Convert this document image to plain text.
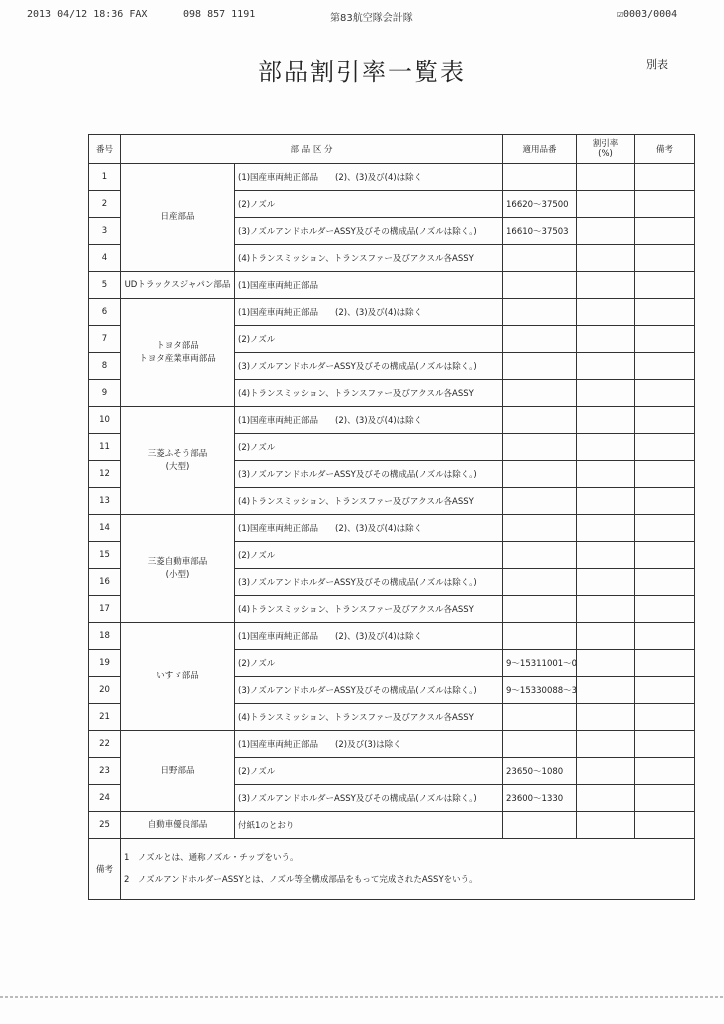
2013 04/12 18:36 FAX	098 857 1191	第83航空隊会計隊	☑0003/0004
部品割引率一覧表	別表
番号	部 品 区 分		適用品番	割引率
(%)	備考
1	日産部品	(1)国産車両純正部品　　(2)、(3)及び(4)は除く			
2		(2)ノズル	16620～37500		
3		(3)ノズルアンドホルダーASSY及びその構成品(ノズルは除く。)	16610～37503		
4		(4)トランスミッション、トランスファー及びアクスル各ASSY			
5	UDトラックスジャパン部品	(1)国産車両純正部品			
6	トヨタ部品
トヨタ産業車両部品	(1)国産車両純正部品　　(2)、(3)及び(4)は除く			
7		(2)ノズル			
8		(3)ノズルアンドホルダーASSY及びその構成品(ノズルは除く。)			
9		(4)トランスミッション、トランスファー及びアクスル各ASSY			
10	三菱ふそう部品
(大型)	(1)国産車両純正部品　　(2)、(3)及び(4)は除く			
11		(2)ノズル			
12		(3)ノズルアンドホルダーASSY及びその構成品(ノズルは除く。)			
13		(4)トランスミッション、トランスファー及びアクスル各ASSY			
14	三菱自動車部品
(小型)	(1)国産車両純正部品　　(2)、(3)及び(4)は除く			
15		(2)ノズル			
16		(3)ノズルアンドホルダーASSY及びその構成品(ノズルは除く。)			
17		(4)トランスミッション、トランスファー及びアクスル各ASSY			
18	いすゞ部品	(1)国産車両純正部品　　(2)、(3)及び(4)は除く			
19		(2)ノズル	9～15311001～0		
20		(3)ノズルアンドホルダーASSY及びその構成品(ノズルは除く。)	9～15330088～3		
21		(4)トランスミッション、トランスファー及びアクスル各ASSY			
22	日野部品	(1)国産車両純正部品　　(2)及び(3)は除く			
23		(2)ノズル	23650～1080		
24		(3)ノズルアンドホルダーASSY及びその構成品(ノズルは除く。)	23600～1330		
25	自動車優良部品	付紙1のとおり			
備考	1　ノズルとは、通称ノズル・チップをいう。
2　ノズルアンドホルダーASSYとは、ノズル等全構成部品をもって完成されたASSYをいう。				
